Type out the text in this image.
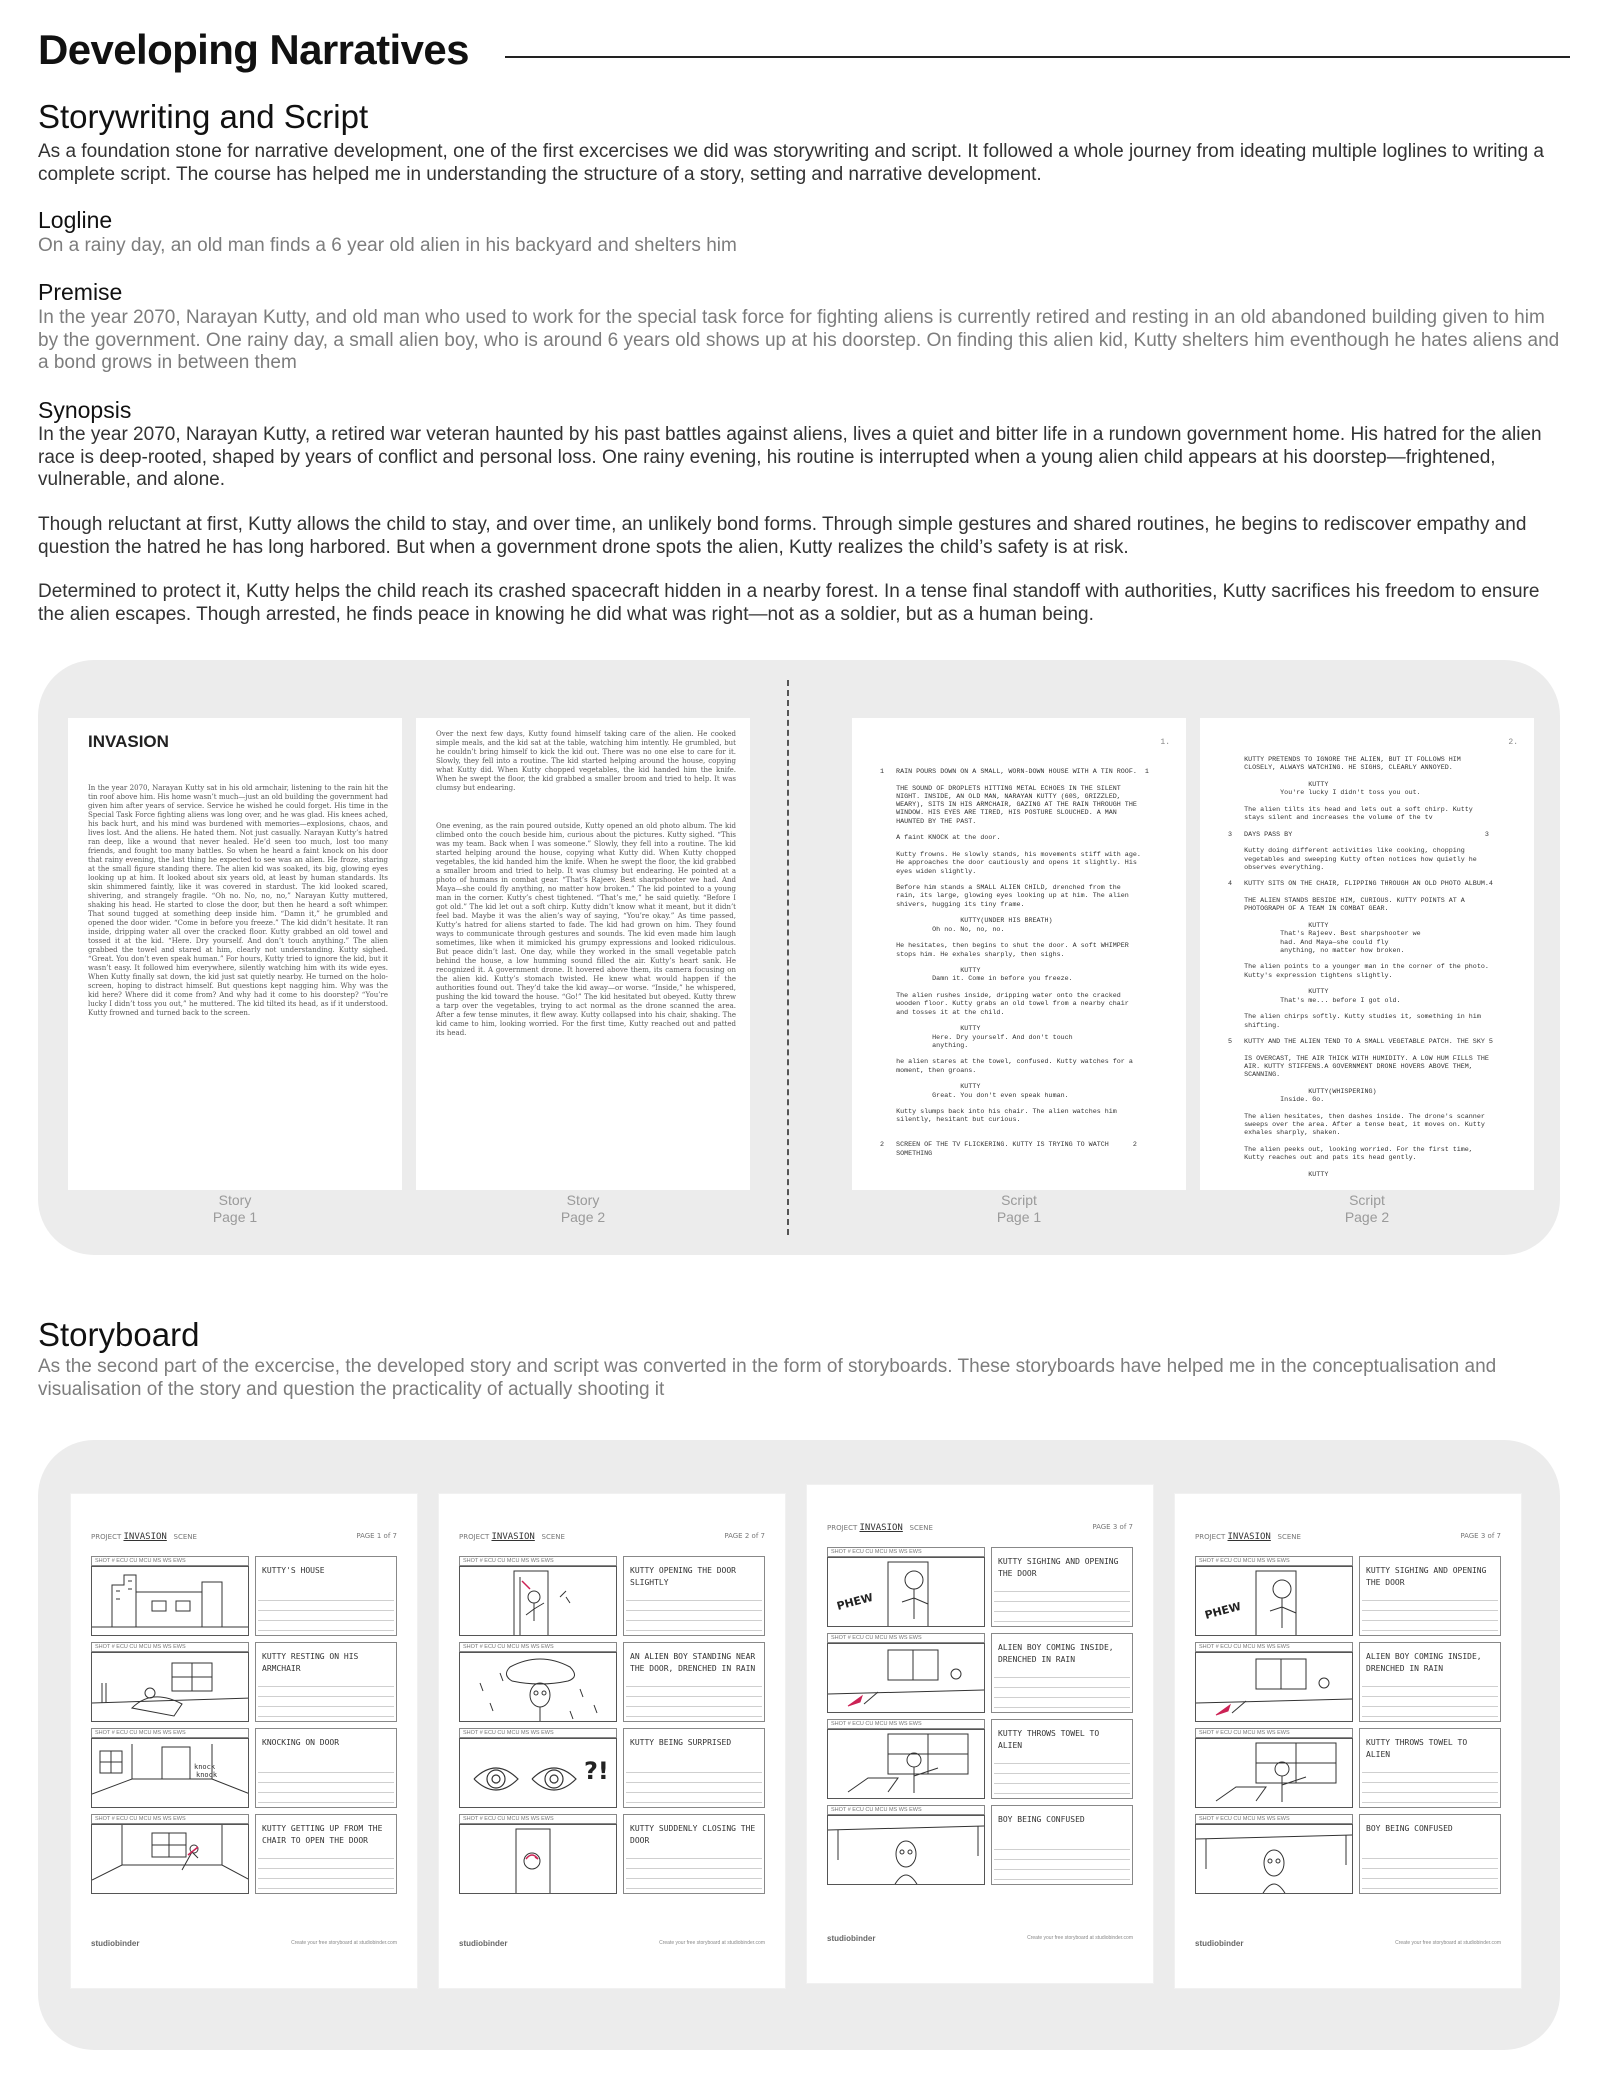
Developing Narratives
Storywriting and Script

As a foundation stone for narrative development, one of the first excercises we did was storywriting and script. It followed a whole journey from ideating multiple loglines to writing a complete script. The course has helped me in understanding the structure of a story, setting and narrative development.

Logline

On a rainy day, an old man finds a 6 year old alien in his backyard and shelters him

Premise

In the year 2070, Narayan Kutty, and old man who used to work for the special task force for fighting aliens is currently retired and resting in an old abandoned building given to him by the government. One rainy day, a small alien boy, who is around 6 years old shows up at his doorstep. On finding this alien kid, Kutty shelters him eventhough he hates aliens and a bond grows in between them

Synopsis

In the year 2070, Narayan Kutty, a retired war veteran haunted by his past battles against aliens, lives a quiet and bitter life in a rundown government home. His hatred for the alien race is deep-rooted, shaped by years of conflict and personal loss. One rainy evening, his routine is interrupted when a young alien child appears at his doorstep—frightened, vulnerable, and alone.

Though reluctant at first, Kutty allows the child to stay, and over time, an unlikely bond forms. Through simple gestures and shared routines, he begins to rediscover empathy and question the hatred he has long harbored. But when a government drone spots the alien, Kutty realizes the child’s safety is at risk.

Determined to protect it, Kutty helps the child reach its crashed spacecraft hidden in a nearby forest. In a tense final standoff with authorities, Kutty sacrifices his freedom to ensure the alien escapes. Though arrested, he finds peace in knowing he did what was right—not as a soldier, but as a human being.

INVASION
In the year 2070, Narayan Kutty sat in his old armchair, listening to the rain hit the tin roof above him. His home wasn’t much—just an old building the government had given him after years of service. Service he wished he could forget. His time in the Special Task Force fighting aliens was long over, and he was glad. His knees ached, his back hurt, and his mind was burdened with memories—explosions, chaos, and lives lost. And the aliens. He hated them. Not just casually. Narayan Kutty’s hatred ran deep, like a wound that never healed. He’d seen too much, lost too many friends, and fought too many battles. So when he heard a faint knock on his door that rainy evening, the last thing he expected to see was an alien. He froze, staring at the small figure standing there. The alien kid was soaked, its big, glowing eyes looking up at him. It looked about six years old, at least by human standards. Its skin shimmered faintly, like it was covered in stardust. The kid looked scared, shivering, and strangely fragile. “Oh no. No, no, no,” Narayan Kutty muttered, shaking his head. He started to close the door, but then he heard a soft whimper. That sound tugged at something deep inside him. “Damn it,” he grumbled and opened the door wider. “Come in before you freeze.” The kid didn’t hesitate. It ran inside, dripping water all over the cracked floor. Kutty grabbed an old towel and tossed it at the kid. “Here. Dry yourself. And don’t touch anything.” The alien grabbed the towel and stared at him, clearly not understanding. Kutty sighed. “Great. You don’t even speak human.” For hours, Kutty tried to ignore the kid, but it wasn’t easy. It followed him everywhere, silently watching him with its wide eyes. When Kutty finally sat down, the kid just sat quietly nearby. He turned on the holo-screen, hoping to distract himself. But questions kept nagging him. Why was the kid here? Where did it come from? And why had it come to his doorstep? “You’re lucky I didn’t toss you out,” he muttered. The kid tilted its head, as if it understood. Kutty frowned and turned back to the screen.
Story
Page 1
Over the next few days, Kutty found himself taking care of the alien. He cooked simple meals, and the kid sat at the table, watching him intently. He grumbled, but he couldn’t bring himself to kick the kid out. There was no one else to care for it. Slowly, they fell into a routine. The kid started helping around the house, copying what Kutty did. When Kutty chopped vegetables, the kid handed him the knife. When he swept the floor, the kid grabbed a smaller broom and tried to help. It was clumsy but endearing.
One evening, as the rain poured outside, Kutty opened an old photo album. The kid climbed onto the couch beside him, curious about the pictures. Kutty sighed. “This was my team. Back when I was someone.” Slowly, they fell into a routine. The kid started helping around the house, copying what Kutty did. When Kutty chopped vegetables, the kid handed him the knife. When he swept the floor, the kid grabbed a smaller broom and tried to help. It was clumsy but endearing. He pointed at a photo of humans in combat gear. “That’s Rajeev. Best sharpshooter we had. And Maya—she could fly anything, no matter how broken.” The kid pointed to a young man in the corner. Kutty’s chest tightened. “That’s me,” he said quietly. “Before I got old.” The kid let out a soft chirp. Kutty didn’t know what it meant, but it didn’t feel bad. Maybe it was the alien’s way of saying, “You’re okay.” As time passed, Kutty’s hatred for aliens started to fade. The kid had grown on him. They found ways to communicate through gestures and sounds. The kid even made him laugh sometimes, like when it mimicked his grumpy expressions and looked ridiculous. But peace didn’t last. One day, while they worked in the small vegetable patch behind the house, a low humming sound filled the air. Kutty’s heart sank. He recognized it. A government drone. It hovered above them, its camera focusing on the alien kid. Kutty’s stomach twisted. He knew what would happen if the authorities found out. They’d take the kid away—or worse. “Inside,” he whispered, pushing the kid toward the house. “Go!” The kid hesitated but obeyed. Kutty threw a tarp over the vegetables, trying to act normal as the drone scanned the area. After a few tense minutes, it flew away. Kutty collapsed into his chair, shaking. The kid came to him, looking worried. For the first time, Kutty reached out and patted its head.
Story
Page 2
1.
1   RAIN POURS DOWN ON A SMALL, WORN-DOWN HOUSE WITH A TIN ROOF.  1

THE SOUND OF DROPLETS HITTING METAL ECHOES IN THE SILENT
NIGHT. INSIDE, AN OLD MAN, NARAYAN KUTTY (60S, GRIZZLED,
WEARY), SITS IN HIS ARMCHAIR, GAZING AT THE RAIN THROUGH THE
WINDOW. HIS EYES ARE TIRED, HIS POSTURE SLOUCHED. A MAN
HAUNTED BY THE PAST.

A faint KNOCK at the door.

Kutty frowns. He slowly stands, his movements stiff with age.
He approaches the door cautiously and opens it slightly. His
eyes widen slightly.

Before him stands a SMALL ALIEN CHILD, drenched from the
rain, its large, glowing eyes looking up at him. The alien
shivers, hugging its tiny frame.

KUTTY(UNDER HIS BREATH)
Oh no. No, no, no.

He hesitates, then begins to shut the door. A soft WHIMPER
stops him. He exhales sharply, then sighs.

KUTTY
Damn it. Come in before you freeze.

The alien rushes inside, dripping water onto the cracked
wooden floor. Kutty grabs an old towel from a nearby chair
and tosses it at the child.

KUTTY
Here. Dry yourself. And don't touch
anything.

he alien stares at the towel, confused. Kutty watches for a
moment, then groans.

KUTTY
Great. You don't even speak human.

Kutty slumps back into his chair. The alien watches him
silently, hesitant but curious.

2   SCREEN OF THE TV FLICKERING. KUTTY IS TRYING TO WATCH      2
SOMETHING
Script
Page 1
2.
KUTTY PRETENDS TO IGNORE THE ALIEN, BUT IT FOLLOWS HIM
CLOSELY, ALWAYS WATCHING. HE SIGHS, CLEARLY ANNOYED.

KUTTY
You're lucky I didn't toss you out.

The alien tilts its head and lets out a soft chirp. Kutty
stays silent and increases the volume of the tv

3   DAYS PASS BY                                                3

Kutty doing different activities like cooking, chopping
vegetables and sweeping Kutty often notices how quietly he
observes everything.

4   KUTTY SITS ON THE CHAIR, FLIPPING THROUGH AN OLD PHOTO ALBUM.4

THE ALIEN STANDS BESIDE HIM, CURIOUS. KUTTY POINTS AT A
PHOTOGRAPH OF A TEAM IN COMBAT GEAR.

KUTTY
That's Rajeev. Best sharpshooter we
had. And Maya—she could fly
anything, no matter how broken.

The alien points to a younger man in the corner of the photo.
Kutty's expression tightens slightly.

KUTTY
That's me... before I got old.

The alien chirps softly. Kutty studies it, something in him
shifting.

5   KUTTY AND THE ALIEN TEND TO A SMALL VEGETABLE PATCH. THE SKY 5

IS OVERCAST, THE AIR THICK WITH HUMIDITY. A LOW HUM FILLS THE
AIR. KUTTY STIFFENS.A GOVERNMENT DRONE HOVERS ABOVE THEM,
SCANNING.

KUTTY(WHISPERING)
Inside. Go.

The alien hesitates, then dashes inside. The drone's scanner
sweeps over the area. After a tense beat, it moves on. Kutty
exhales sharply, shaken.

The alien peeks out, looking worried. For the first time,
Kutty reaches out and pats its head gently.

KUTTY
Script
Page 2
Storyboard

As the second part of the excercise, the developed story and script was converted in the form of storyboards. These storyboards have helped me in the conceptualisation and visualisation of the story and question the practicality of actually shooting it

PROJECT INVASION SCENE	PAGE 1 of 7
SHOT # ECU CU MCU MS WS EWS
KUTTY'S HOUSE
SHOT # ECU CU MCU MS WS EWS
KUTTY RESTING ON HIS ARMCHAIR
SHOT # ECU CU MCU MS WS EWS
knock
knock
KNOCKING ON DOOR
SHOT # ECU CU MCU MS WS EWS
KUTTY GETTING UP FROM THE CHAIR TO OPEN THE DOOR
studiobinder	Create your free storyboard at studiobinder.com
PROJECT INVASION SCENE	PAGE 2 of 7
SHOT # ECU CU MCU MS WS EWS
KUTTY OPENING THE DOOR SLIGHTLY
SHOT # ECU CU MCU MS WS EWS
AN ALIEN BOY STANDING NEAR THE DOOR, DRENCHED IN RAIN
SHOT # ECU CU MCU MS WS EWS
?!
KUTTY BEING SURPRISED
SHOT # ECU CU MCU MS WS EWS
KUTTY SUDDENLY CLOSING THE DOOR
studiobinder	Create your free storyboard at studiobinder.com
PROJECT INVASION SCENE	PAGE 3 of 7
SHOT # ECU CU MCU MS WS EWS
PHEW
KUTTY SIGHING AND OPENING THE DOOR
SHOT # ECU CU MCU MS WS EWS
ALIEN BOY COMING INSIDE, DRENCHED IN RAIN
SHOT # ECU CU MCU MS WS EWS
KUTTY THROWS TOWEL TO ALIEN
SHOT # ECU CU MCU MS WS EWS
BOY BEING CONFUSED
studiobinder	Create your free storyboard at studiobinder.com
PROJECT INVASION SCENE	PAGE 3 of 7
SHOT # ECU CU MCU MS WS EWS
PHEW
KUTTY SIGHING AND OPENING THE DOOR
SHOT # ECU CU MCU MS WS EWS
ALIEN BOY COMING INSIDE, DRENCHED IN RAIN
SHOT # ECU CU MCU MS WS EWS
KUTTY THROWS TOWEL TO ALIEN
SHOT # ECU CU MCU MS WS EWS
BOY BEING CONFUSED
studiobinder	Create your free storyboard at studiobinder.com
